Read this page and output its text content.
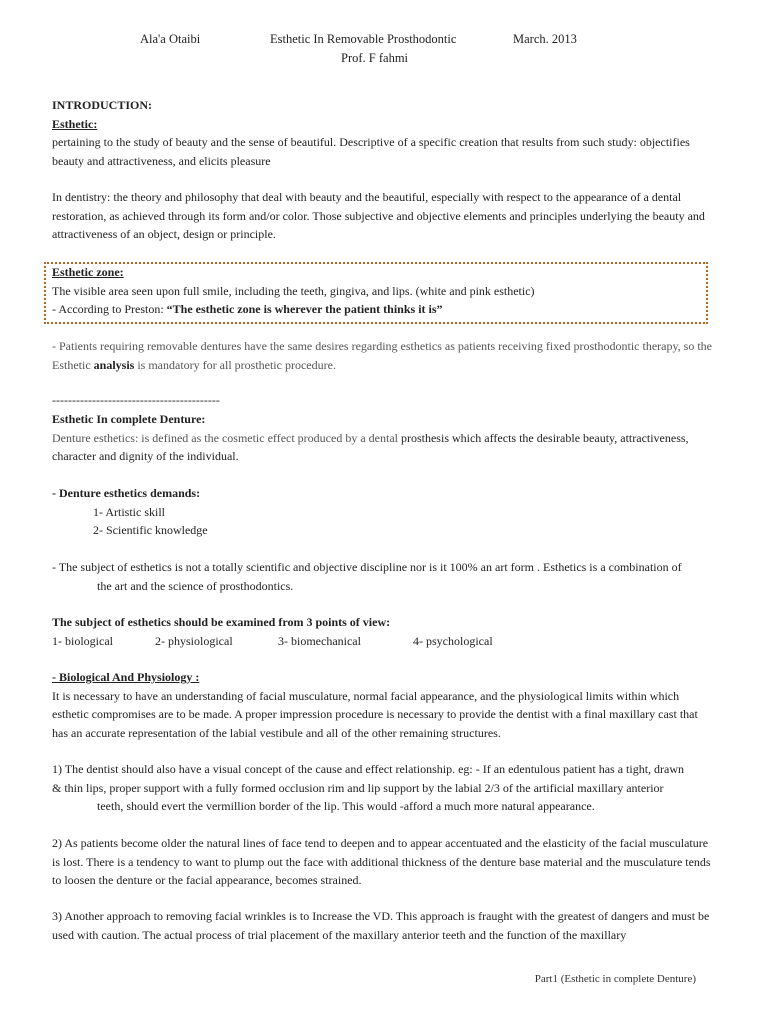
Ala'a Otaibi	Esthetic In Removable Prosthodontic	March. 2013
Prof. F fahmi

INTRODUCTION:

Esthetic:

pertaining to the study of beauty and the sense of beautiful. Descriptive of a specific creation that results from such study: objectifies beauty and attractiveness, and elicits pleasure

In dentistry: the theory and philosophy that deal with beauty and the beautiful, especially with respect to the appearance of a dental restoration, as achieved through its form and/or color. Those subjective and objective elements and principles underlying the beauty and attractiveness of an object, design or principle.

Esthetic zone:

The visible area seen upon full smile, including the teeth, gingiva, and lips. (white and pink esthetic)

- According to Preston: “The esthetic zone is wherever the patient thinks it is”

- Patients requiring removable dentures have the same desires regarding esthetics as patients receiving fixed prosthodontic therapy, so the Esthetic analysis is mandatory for all prosthetic procedure.

------------------------------------------

Esthetic In complete Denture:

Denture esthetics: is defined as the cosmetic effect produced by a dental prosthesis which affects the desirable beauty, attractiveness, character and dignity of the individual.

- Denture esthetics demands:

1- Artistic skill

2- Scientific knowledge

- The subject of esthetics is not a totally scientific and objective discipline nor is it 100% an art form . Esthetics is a combination of

the art and the science of prosthodontics.

The subject of esthetics should be examined from 3 points of view:

1- biological	2- physiological	3- biomechanical	4- psychological

- Biological And Physiology :

It is necessary to have an understanding of facial musculature, normal facial appearance, and the physiological limits within which esthetic compromises are to be made. A proper impression procedure is necessary to provide the dentist with a final maxillary cast that has an accurate representation of the labial vestibule and all of the other remaining structures.

1) The dentist should also have a visual concept of the cause and effect relationship. eg: - If an edentulous patient has a tight, drawn

& thin lips, proper support with a fully formed occlusion rim and lip support by the labial 2/3 of the artificial maxillary anterior

teeth, should evert the vermillion border of the lip. This would -afford a much more natural appearance.

2) As patients become older the natural lines of face tend to deepen and to appear accentuated and the elasticity of the facial musculature is lost. There is a tendency to want to plump out the face with additional thickness of the denture base material and the musculature tends to loosen the denture or the facial appearance, becomes strained.

3) Another approach to removing facial wrinkles is to Increase the VD. This approach is fraught with the greatest of dangers and must be used with caution. The actual process of trial placement of the maxillary anterior teeth and the function of the maxillary

Part1 (Esthetic in complete Denture)
